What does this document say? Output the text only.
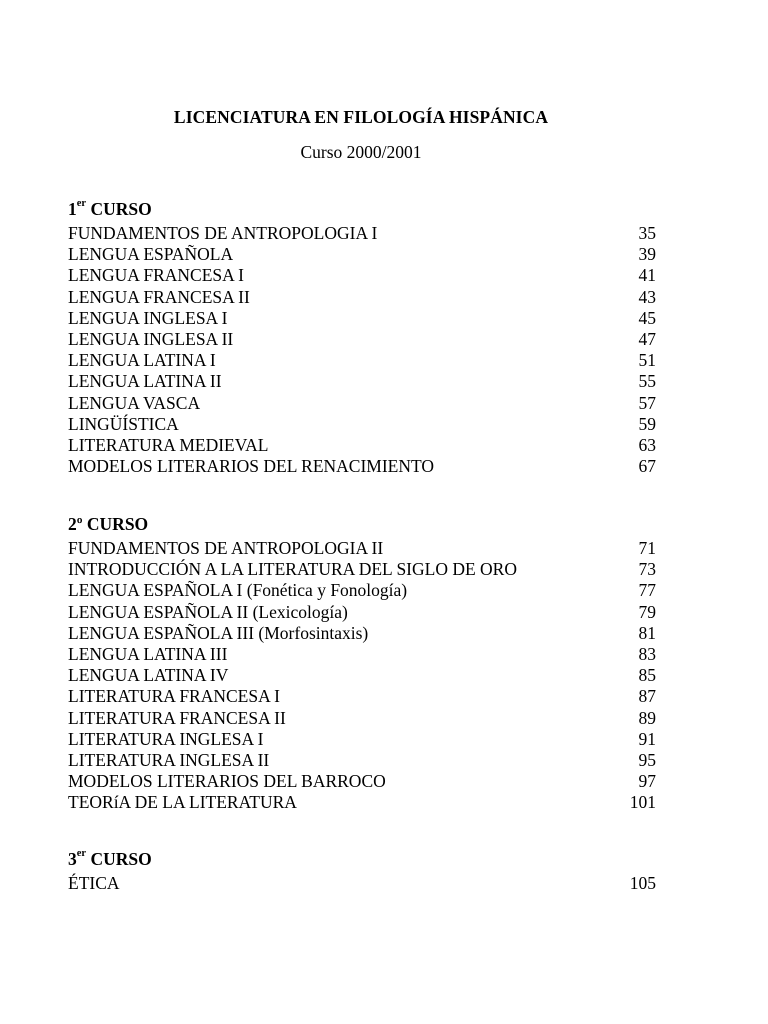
LICENCIATURA EN FILOLOGÍA HISPÁNICA
Curso 2000/2001
1er CURSO
FUNDAMENTOS DE ANTROPOLOGIA I	35
LENGUA ESPAÑOLA	39
LENGUA FRANCESA I	41
LENGUA FRANCESA II	43
LENGUA INGLESA I	45
LENGUA INGLESA II	47
LENGUA LATINA I	51
LENGUA LATINA II	55
LENGUA VASCA	57
LINGÜÍSTICA	59
LITERATURA MEDIEVAL	63
MODELOS LITERARIOS DEL RENACIMIENTO	67
2º CURSO
FUNDAMENTOS DE ANTROPOLOGIA II	71
INTRODUCCIÓN A LA LITERATURA DEL SIGLO DE ORO	73
LENGUA ESPAÑOLA I (Fonética y Fonología)	77
LENGUA ESPAÑOLA II (Lexicología)	79
LENGUA ESPAÑOLA III (Morfosintaxis)	81
LENGUA LATINA III	83
LENGUA LATINA IV	85
LITERATURA FRANCESA I	87
LITERATURA FRANCESA II	89
LITERATURA INGLESA I	91
LITERATURA INGLESA II	95
MODELOS LITERARIOS DEL BARROCO	97
TEORíA DE LA LITERATURA	101
3er CURSO
ÉTICA	105
